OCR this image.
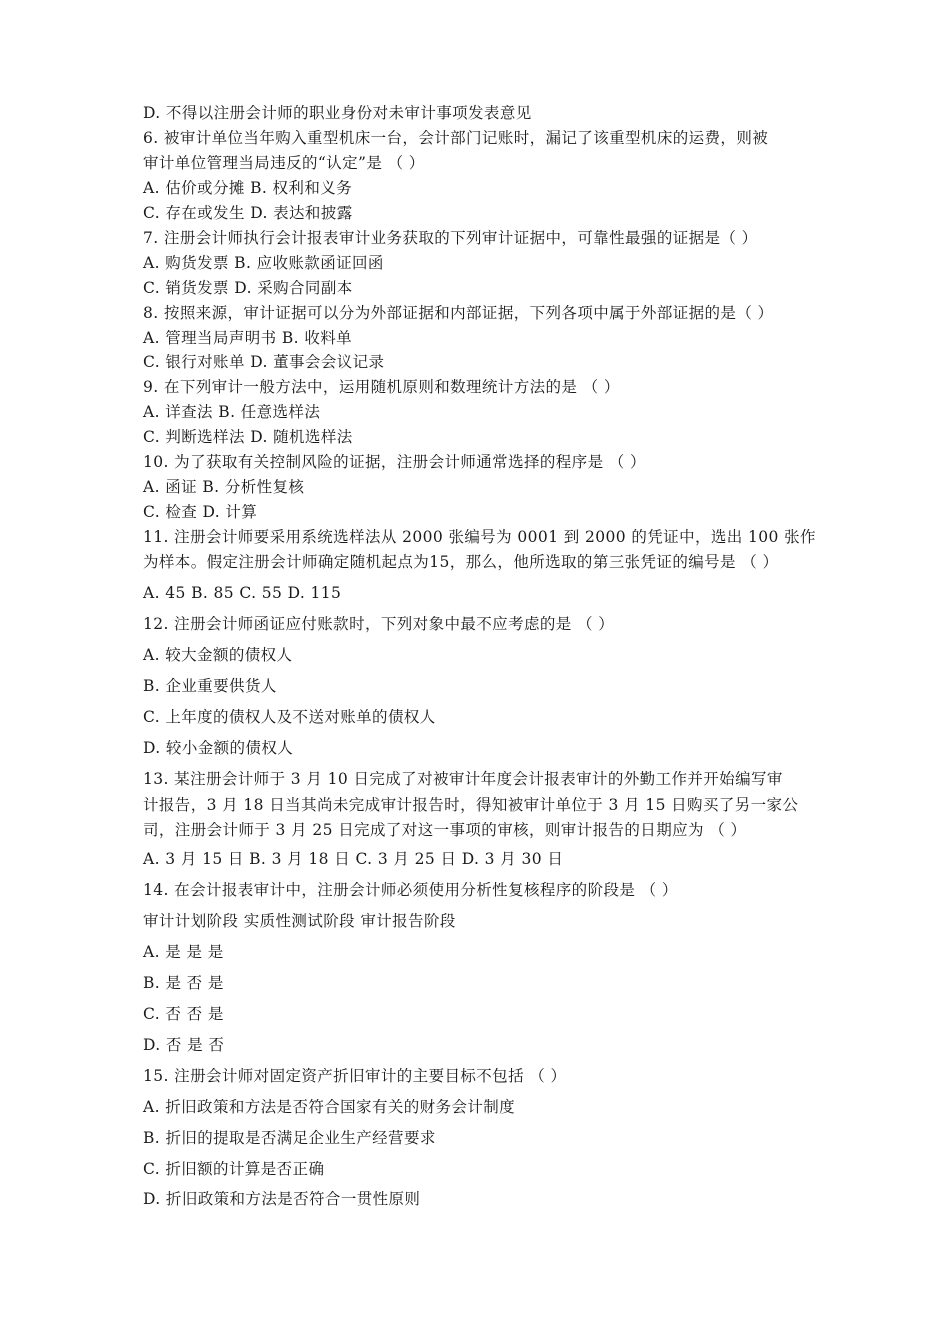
D. 不得以注册会计师的职业身份对未审计事项发表意见
6. 被审计单位当年购入重型机床一台，会计部门记账时，漏记了该重型机床的运费，则被
审计单位管理当局违反的“认定”是 （ ）
A. 估价或分摊 B. 权利和义务
C. 存在或发生 D. 表达和披露
7. 注册会计师执行会计报表审计业务获取的下列审计证据中，可靠性最强的证据是（ ）
A. 购货发票 B. 应收账款函证回函
C. 销货发票 D. 采购合同副本
8. 按照来源，审计证据可以分为外部证据和内部证据，下列各项中属于外部证据的是（ ）
A. 管理当局声明书 B. 收料单
C. 银行对账单 D. 董事会会议记录
9. 在下列审计一般方法中，运用随机原则和数理统计方法的是 （ ）
A. 详查法 B. 任意选样法
C. 判断选样法 D. 随机选样法
10. 为了获取有关控制风险的证据，注册会计师通常选择的程序是 （ ）
A. 函证 B. 分析性复核
C. 检查 D. 计算
11. 注册会计师要采用系统选样法从 2000 张编号为 0001 到 2000 的凭证中，选出 100 张作
为样本。假定注册会计师确定随机起点为15，那么，他所选取的第三张凭证的编号是 （ ）
A. 45 B. 85 C. 55 D. 115
12. 注册会计师函证应付账款时，下列对象中最不应考虑的是 （ ）
A. 较大金额的债权人
B. 企业重要供货人
C. 上年度的债权人及不送对账单的债权人
D. 较小金额的债权人
13. 某注册会计师于 3 月 10 日完成了对被审计年度会计报表审计的外勤工作并开始编写审
计报告，3 月 18 日当其尚未完成审计报告时，得知被审计单位于 3 月 15 日购买了另一家公
司，注册会计师于 3 月 25 日完成了对这一事项的审核，则审计报告的日期应为 （ ）
A. 3 月 15 日 B. 3 月 18 日 C. 3 月 25 日 D. 3 月 30 日
14. 在会计报表审计中，注册会计师必须使用分析性复核程序的阶段是 （ ）
审计计划阶段 实质性测试阶段 审计报告阶段
A. 是 是 是
B. 是 否 是
C. 否 否 是
D. 否 是 否
15. 注册会计师对固定资产折旧审计的主要目标不包括 （ ）
A. 折旧政策和方法是否符合国家有关的财务会计制度
B. 折旧的提取是否满足企业生产经营要求
C. 折旧额的计算是否正确
D. 折旧政策和方法是否符合一贯性原则
